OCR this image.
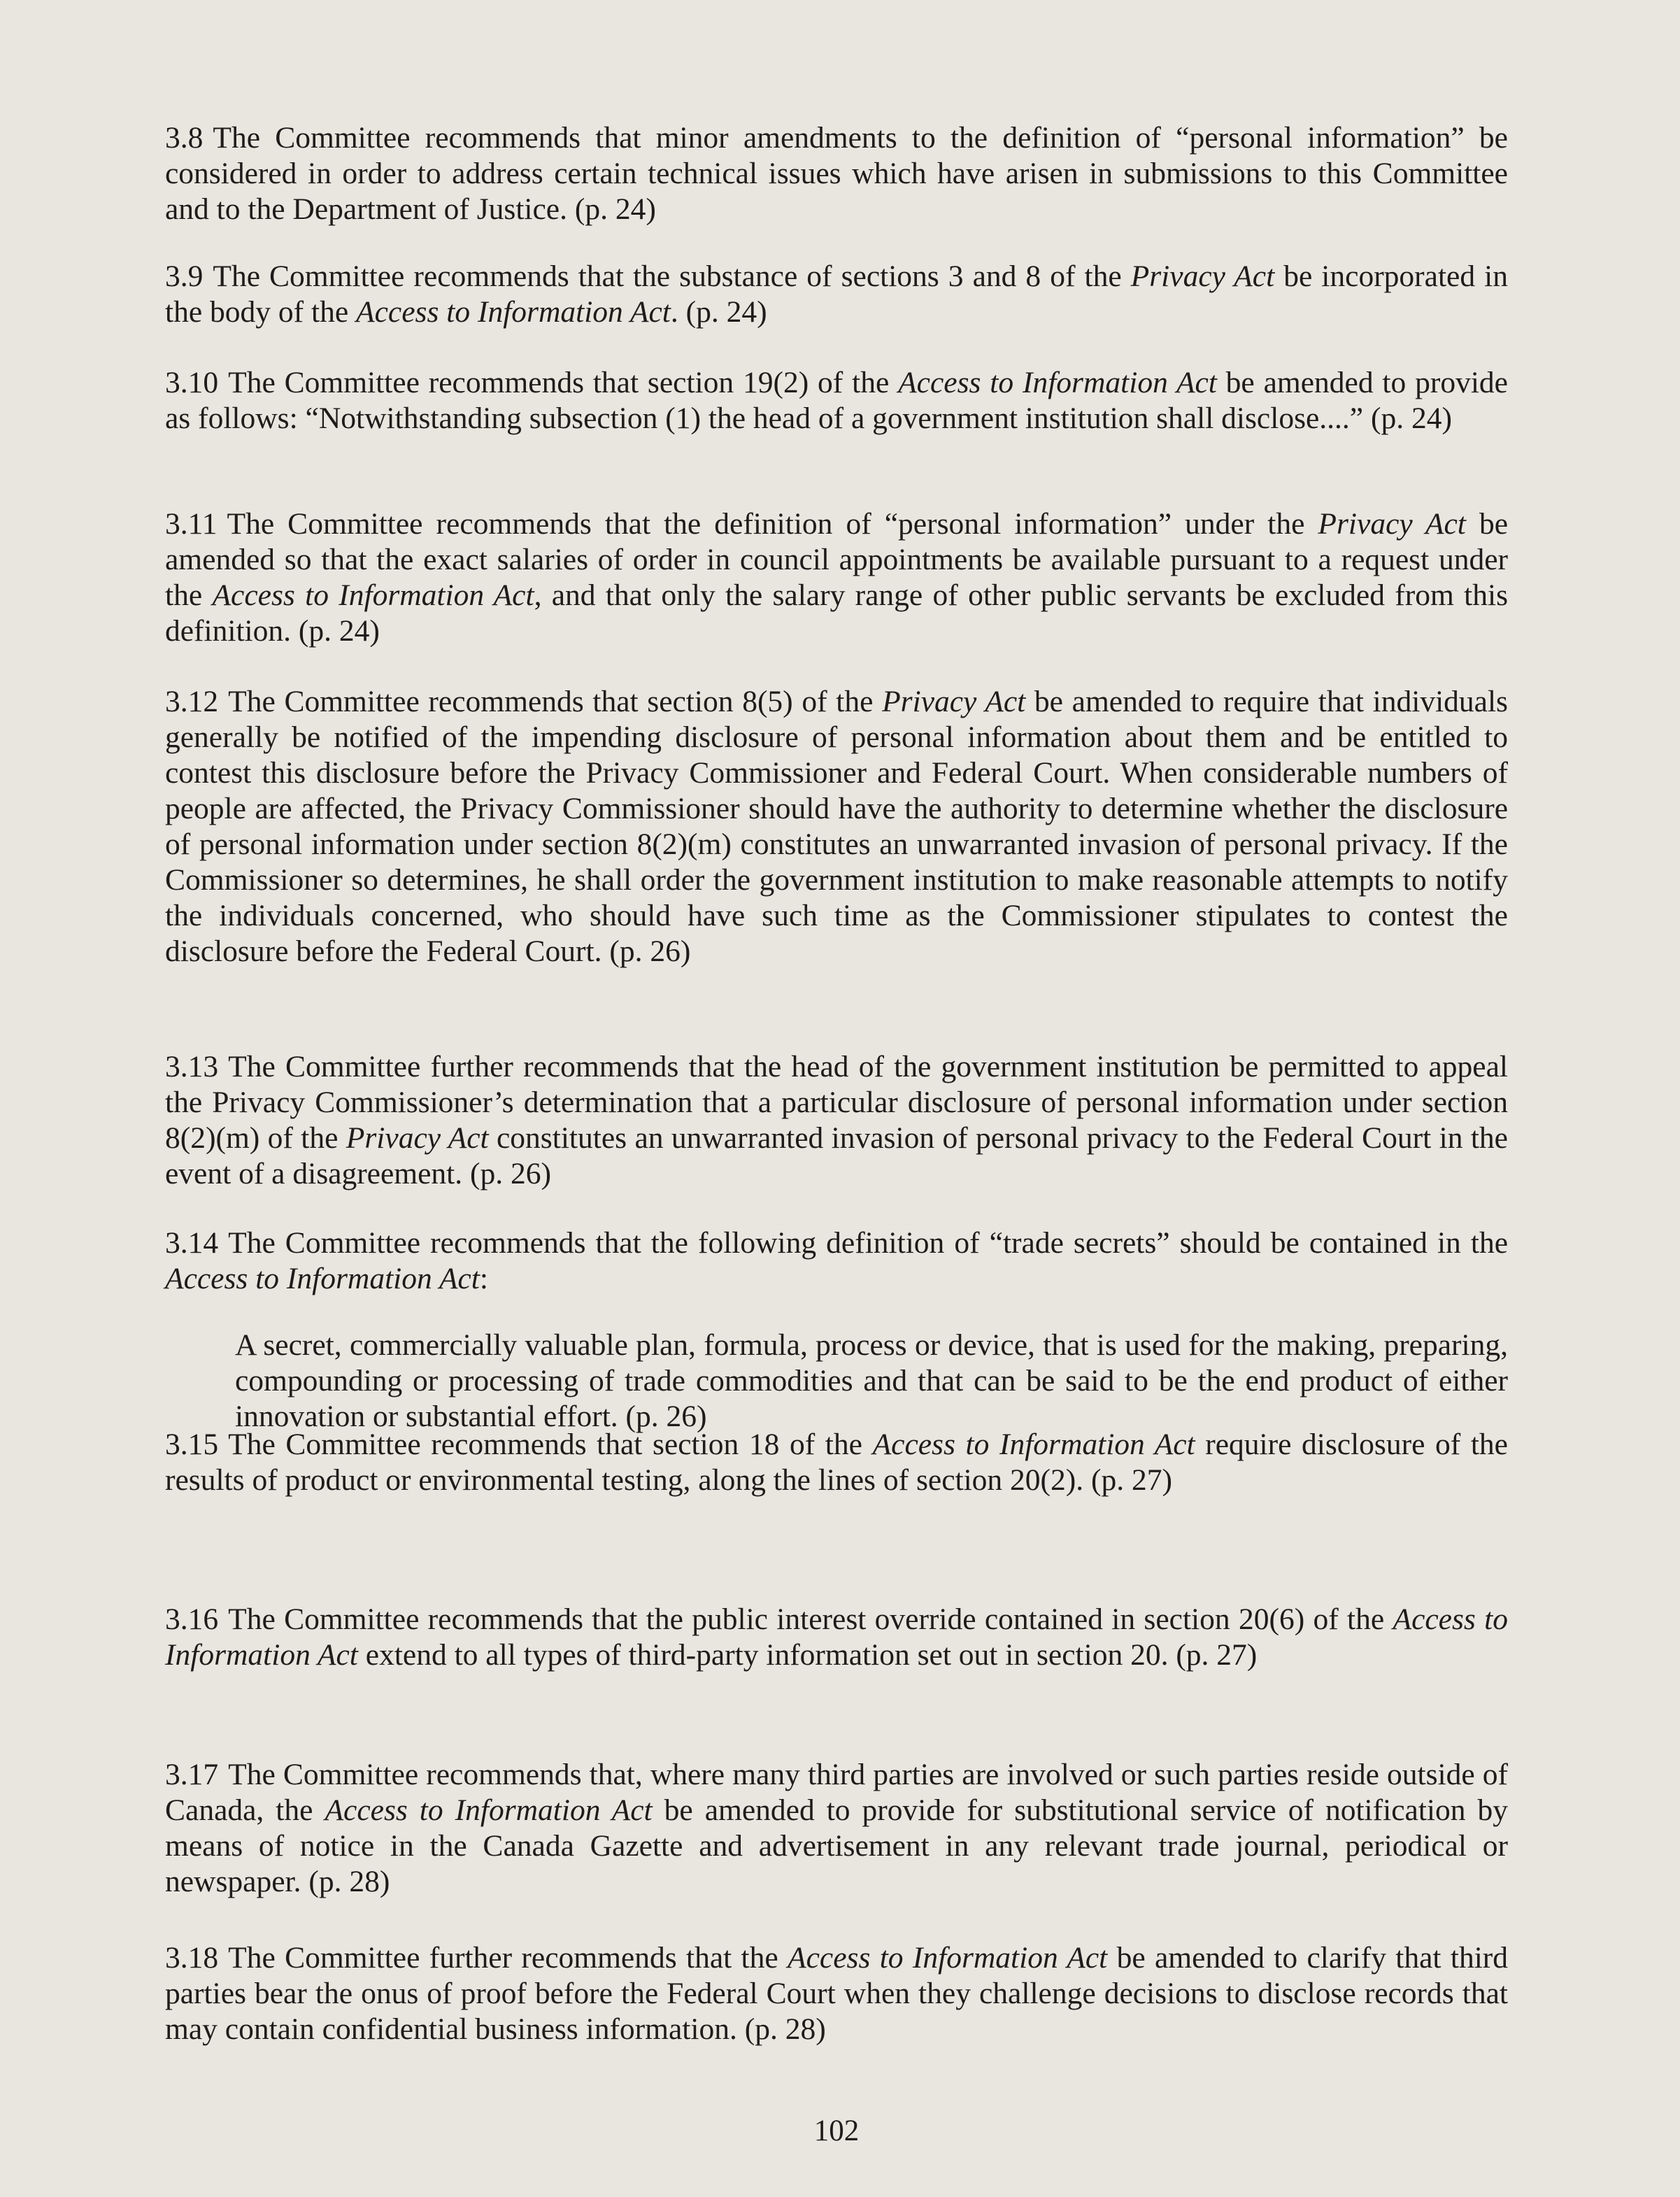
3.8 The Committee recommends that minor amendments to the definition of “personal information” be considered in order to address certain technical issues which have arisen in submissions to this Committee and to the Department of Justice. (p. 24)

3.9 The Committee recommends that the substance of sections 3 and 8 of the Privacy Act be incorporated in the body of the Access to Information Act. (p. 24)

3.10 The Committee recommends that section 19(2) of the Access to Information Act be amended to provide as follows: “Notwithstanding subsection (1) the head of a government institution shall disclose....” (p. 24)

3.11 The Committee recommends that the definition of “personal information” under the Privacy Act be amended so that the exact salaries of order in council appointments be available pursuant to a request under the Access to Information Act, and that only the salary range of other public servants be excluded from this definition. (p. 24)

3.12 The Committee recommends that section 8(5) of the Privacy Act be amended to require that individuals generally be notified of the impending disclosure of personal information about them and be entitled to contest this disclosure before the Privacy Commissioner and Federal Court. When considerable numbers of people are affected, the Privacy Commissioner should have the authority to determine whether the disclosure of personal information under section 8(2)(m) constitutes an unwarranted invasion of personal privacy. If the Commissioner so determines, he shall order the government institution to make reasonable attempts to notify the individuals concerned, who should have such time as the Commissioner stipulates to contest the disclosure before the Federal Court. (p. 26)

3.13 The Committee further recommends that the head of the government institution be permitted to appeal the Privacy Commissioner’s determination that a particular disclosure of personal information under section 8(2)(m) of the Privacy Act constitutes an unwarranted invasion of personal privacy to the Federal Court in the event of a disagreement. (p. 26)

3.14 The Committee recommends that the following definition of “trade secrets” should be contained in the Access to Information Act:

A secret, commercially valuable plan, formula, process or device, that is used for the making, preparing, compounding or processing of trade commodities and that can be said to be the end product of either innovation or substantial effort. (p. 26)

3.15 The Committee recommends that section 18 of the Access to Information Act require disclosure of the results of product or environmental testing, along the lines of section 20(2). (p. 27)

3.16 The Committee recommends that the public interest override contained in section 20(6) of the Access to Information Act extend to all types of third-party information set out in section 20. (p. 27)

3.17 The Committee recommends that, where many third parties are involved or such parties reside outside of Canada, the Access to Information Act be amended to provide for substitutional service of notification by means of notice in the Canada Gazette and advertisement in any relevant trade journal, periodical or newspaper. (p. 28)

3.18 The Committee further recommends that the Access to Information Act be amended to clarify that third parties bear the onus of proof before the Federal Court when they challenge decisions to disclose records that may contain confidential business information. (p. 28)

102
